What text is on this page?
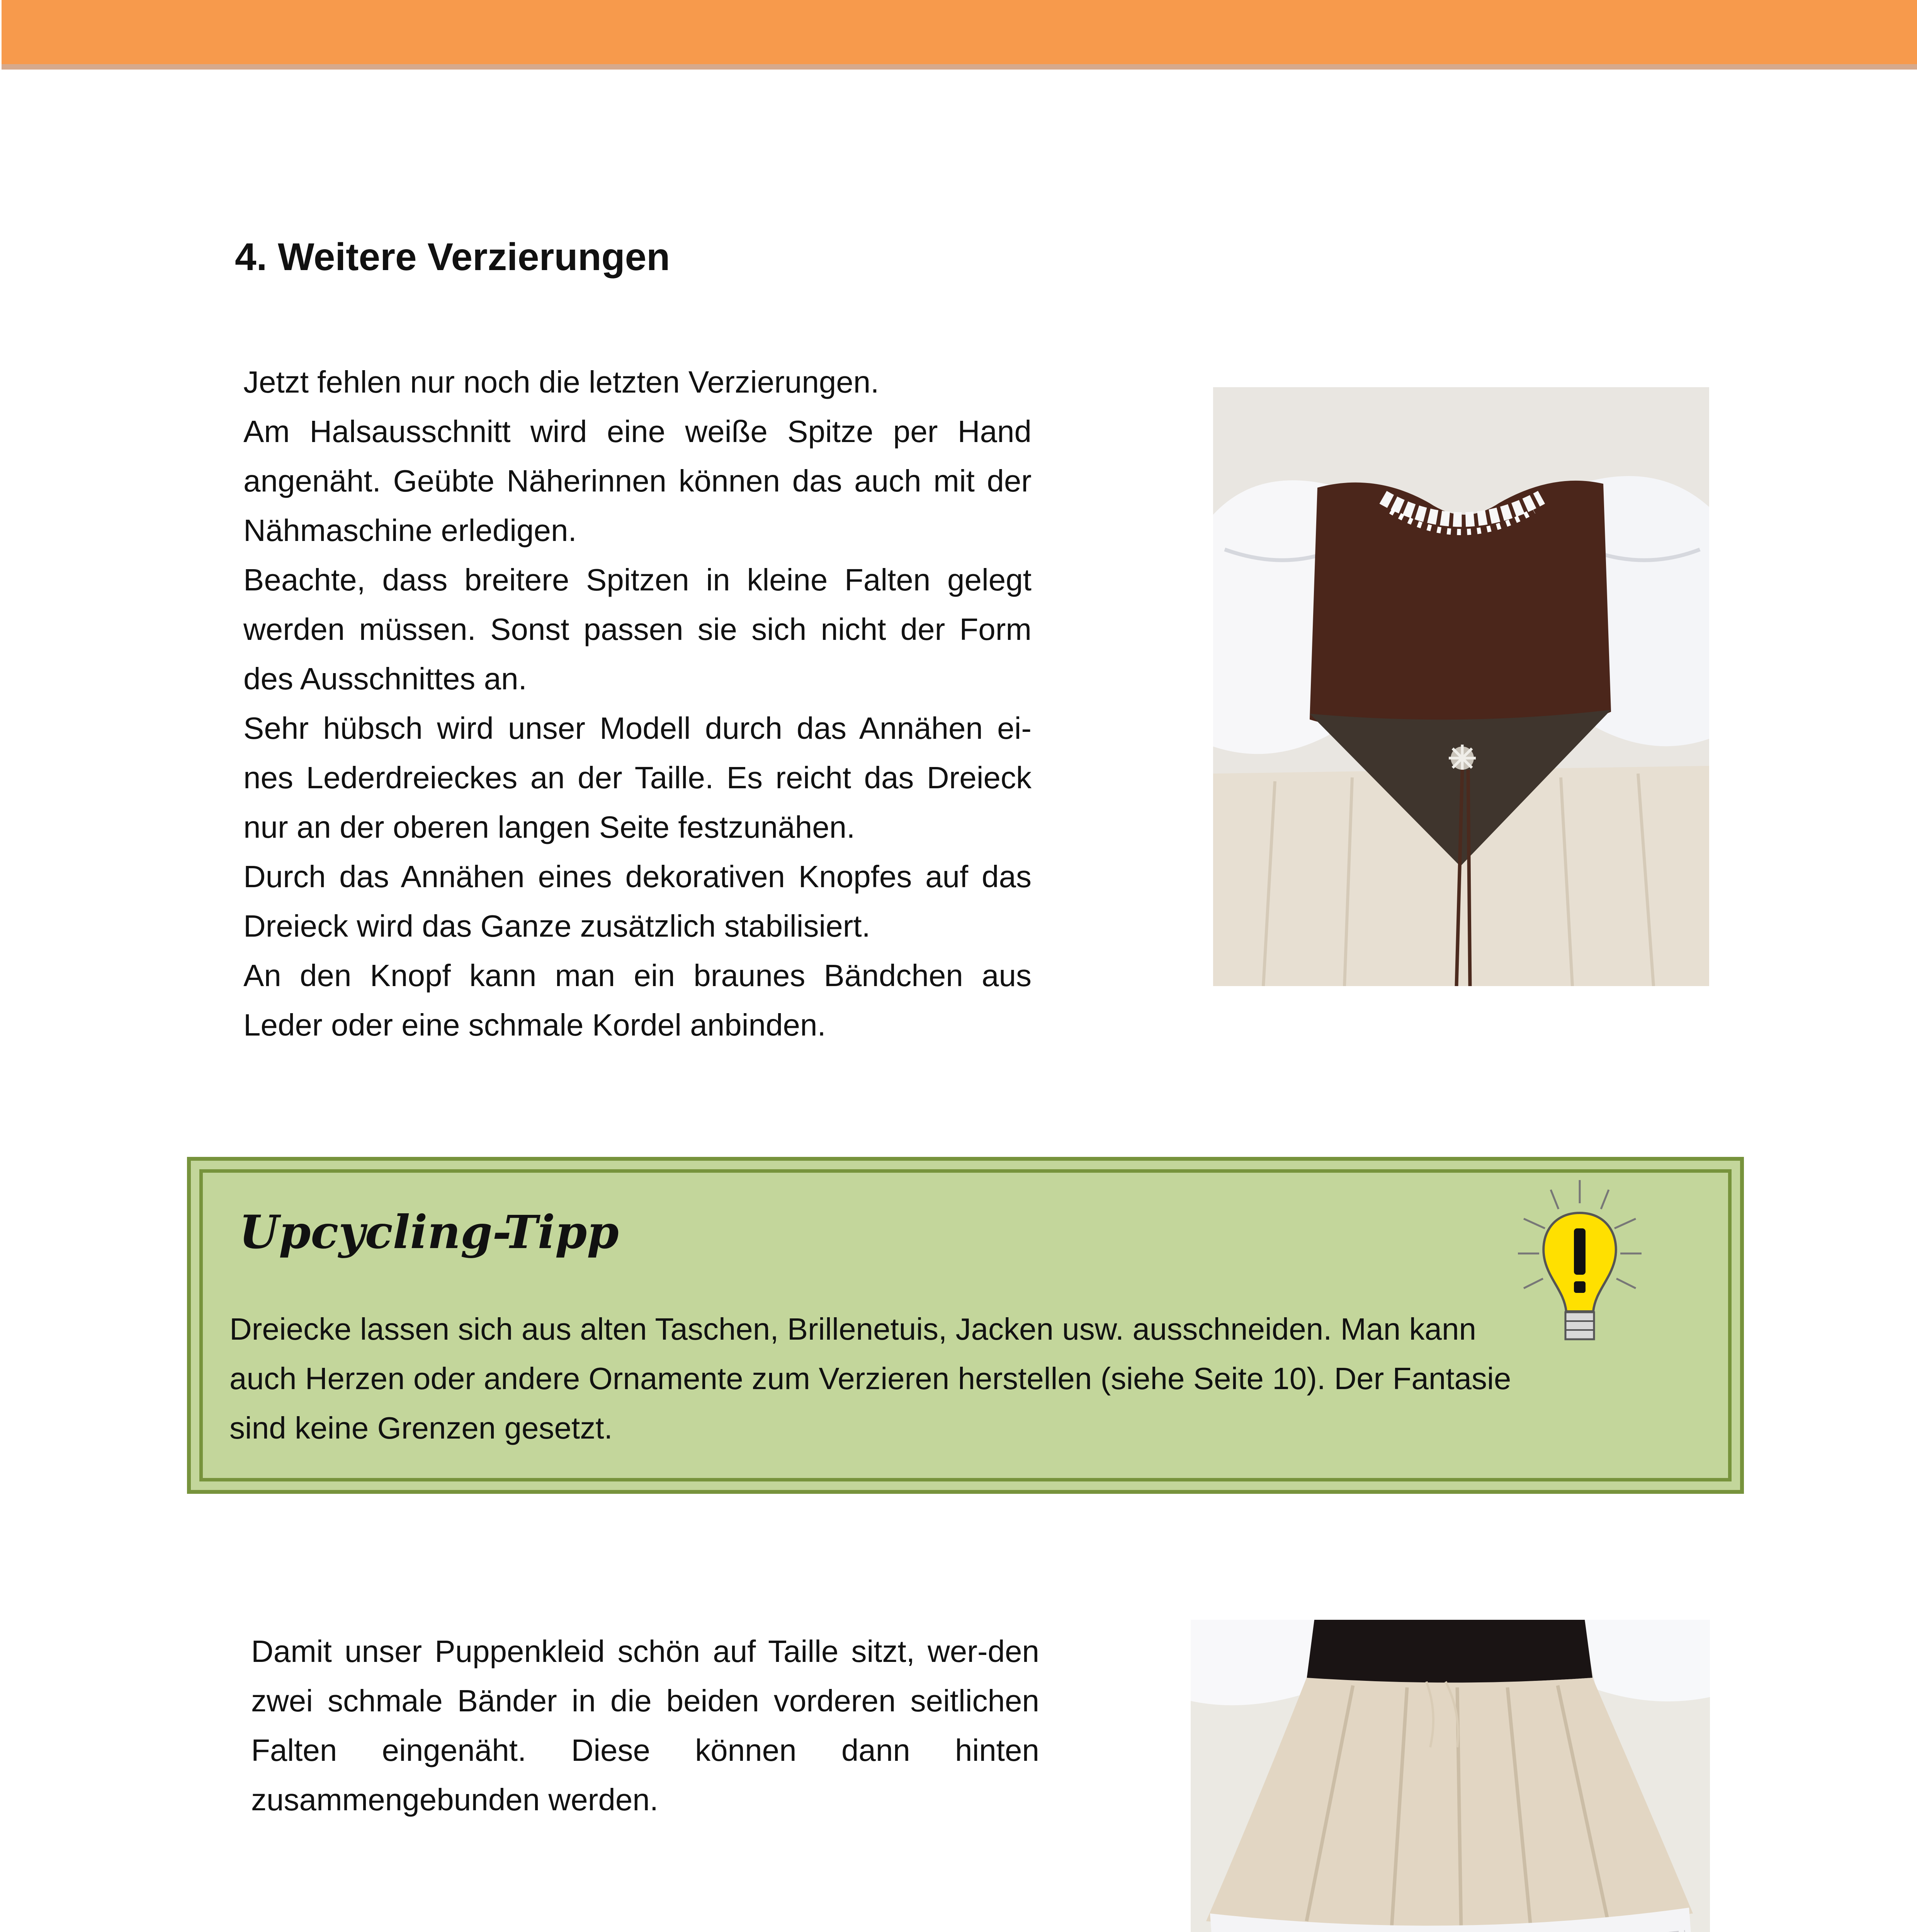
4. Weitere Verzierungen

Jetzt fehlen nur noch die letzten Verzierungen.

Am Halsausschnitt wird eine weiße Spitze per Hand angenäht. Geübte Näherinnen können das auch mit der Nähmaschine erledigen.

Beachte, dass breitere Spitzen in kleine Falten gelegt werden müssen. Sonst passen sie sich nicht der Form des Ausschnittes an.

Sehr hübsch wird unser Modell durch das Annähen ei-nes Lederdreieckes an der Taille. Es reicht das Dreieck nur an der oberen langen Seite festzunähen.

Durch das Annähen eines dekorativen Knopfes auf das Dreieck wird das Ganze zusätzlich stabilisiert.

An den Knopf kann man ein braunes Bändchen aus Leder oder eine schmale Kordel anbinden.

Upcycling-Tipp

Dreiecke lassen sich aus alten Taschen, Brillenetuis, Jacken usw. ausschneiden. Man kann auch Herzen oder andere Ornamente zum Verzieren herstellen (siehe Seite 10). Der Fantasie sind keine Grenzen gesetzt.

Damit unser Puppenkleid schön auf Taille sitzt, wer-den zwei schmale Bänder in die beiden vorderen seitlichen Falten eingenäht. Diese können dann hinten zusammengebunden werden.
